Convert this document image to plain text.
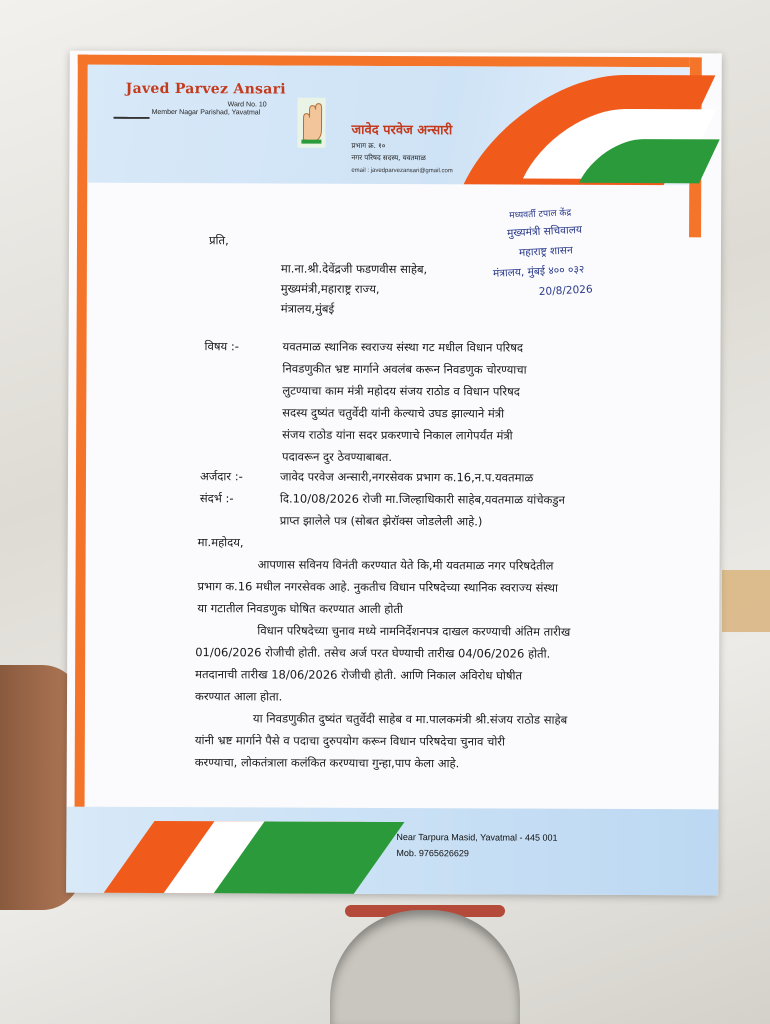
Javed Parvez Ansari
Ward No. 10
Member Nagar Parishad, Yavatmal
जावेद परवेज अन्सारी
प्रभाग क्र. १०
नगर परिषद सदस्य, यवतमाळ
email : javedparvezansari@gmail.com
मध्यवर्ती टपाल केंद्र
मुख्यमंत्री सचिवालय
महाराष्ट्र शासन
मंत्रालय, मुंबई ४०० ०३२
20/8/2026
प्रति,
मा.ना.श्री.देवेंद्रजी फडणवीस साहेब,
मुख्यमंत्री,महाराष्ट्र राज्य,
मंत्रालय,मुंबई
विषय :-	यवतमाळ स्थानिक स्वराज्य संस्था गट मधील विधान परिषद
निवडणुकीत भ्रष्ट मार्गाने अवलंब करून निवडणुक चोरण्याचा
लुटण्याचा काम मंत्री महोदय संजय राठोड व विधान परिषद
सदस्य दुष्यंत चतुर्वेदी यांनी केल्याचे उघड झाल्याने मंत्री
संजय राठोड यांना सदर प्रकरणाचे निकाल लागेपर्यंत मंत्री
पदावरून दुर ठेवण्याबाबत.
अर्जदार :-	जावेद परवेज अन्सारी,नगरसेवक प्रभाग क.16,न.प.यवतमाळ
संदर्भ :-	दि.10/08/2026 रोजी मा.जिल्हाधिकारी साहेब,यवतमाळ यांचेकडुन
प्राप्त झालेले पत्र (सोबत झेरॉक्स जोडलेली आहे.)
मा.महोदय,
आपणास सविनय विनंती करण्यात येते कि,मी यवतमाळ नगर परिषदेतील
प्रभाग क.16 मधील नगरसेवक आहे. नुकतीच विधान परिषदेच्या स्थानिक स्वराज्य संस्था
या गटातील निवडणुक घोषित करण्यात आली होती
विधान परिषदेच्या चुनाव मध्ये नामनिर्देशनपत्र दाखल करण्याची अंतिम तारीख
01/06/2026 रोजीची होती. तसेच अर्ज परत घेण्याची तारीख 04/06/2026 होती.
मतदानाची तारीख 18/06/2026 रोजीची होती. आणि निकाल अविरोध घोषीत
करण्यात आला होता.
या निवडणुकीत दुष्यंत चतुर्वेदी साहेब व मा.पालकमंत्री श्री.संजय राठोड साहेब
यांनी भ्रष्ट मार्गाने पैसे व पदाचा दुरुपयोग करून विधान परिषदेचा चुनाव चोरी
करण्याचा, लोकतंत्राला कलंकित करण्याचा गुन्हा,पाप केला आहे.
Near Tarpura Masid, Yavatmal - 445 001
Mob. 9765626629
